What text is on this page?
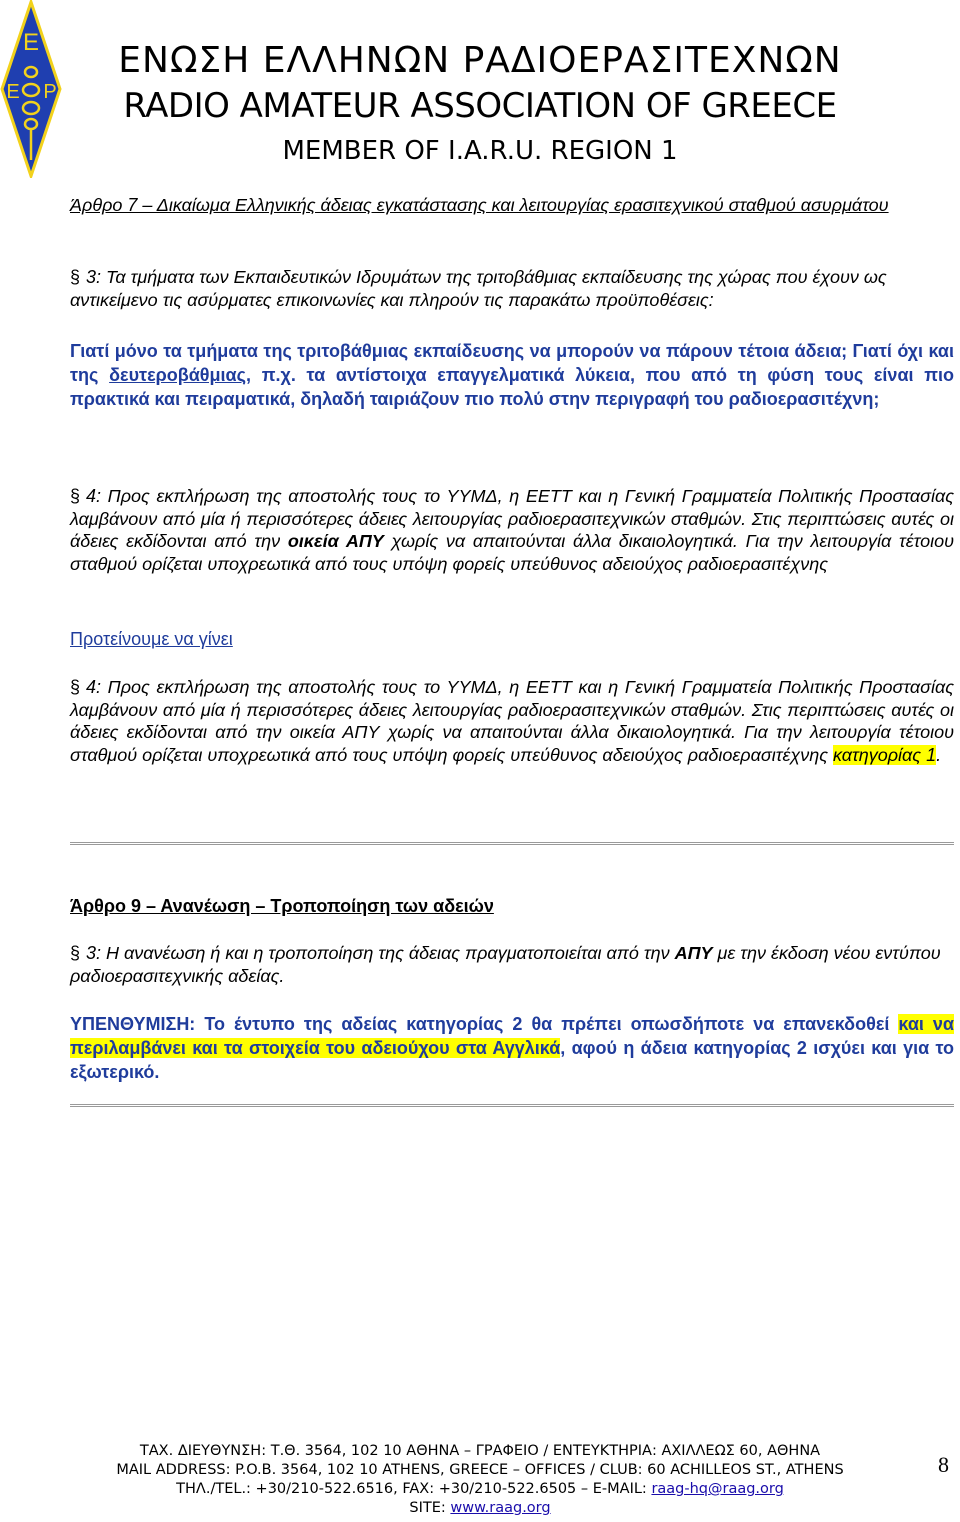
Ε
Ε Ρ
ΕΝΩΣΗ ΕΛΛΗΝΩΝ ΡΑΔΙΟΕΡΑΣΙΤΕΧΝΩΝ
RADIO AMATEUR ASSOCIATION OF GREECE
MEMBER OF I.A.R.U. REGION 1

Άρθρο 7 – Δικαίωμα Ελληνικής άδειας εγκατάστασης και λειτουργίας ερασιτεχνικού σταθμού ασυρμάτου

§ 3: Τα τμήματα των Εκπαιδευτικών Ιδρυμάτων της τριτοβάθμιας εκπαίδευσης της χώρας που έχουν ως αντικείμενο τις ασύρματες επικοινωνίες και πληρούν τις παρακάτω προϋποθέσεις:

Γιατί μόνο τα τμήματα της τριτοβάθμιας εκπαίδευσης να μπορούν να πάρουν τέτοια άδεια; Γιατί όχι και της δευτεροβάθμιας, π.χ. τα αντίστοιχα επαγγελματικά λύκεια, που από τη φύση τους είναι πιο πρακτικά και πειραματικά, δηλαδή ταιριάζουν πιο πολύ στην περιγραφή του ραδιοερασιτέχνη;

§ 4: Προς εκπλήρωση της αποστολής τους το ΥΥΜΔ, η ΕΕΤΤ και η Γενική Γραμματεία Πολιτικής Προστασίας λαμβάνουν από μία ή περισσότερες άδειες λειτουργίας ραδιοερασιτεχνικών σταθμών. Στις περιπτώσεις αυτές οι άδειες εκδίδονται από την οικεία ΑΠΥ χωρίς να απαιτούνται άλλα δικαιολογητικά. Για την λειτουργία τέτοιου σταθμού ορίζεται υποχρεωτικά από τους υπόψη φορείς υπεύθυνος αδειούχος ραδιοερασιτέχνης

Προτείνουμε να γίνει

§ 4: Προς εκπλήρωση της αποστολής τους το ΥΥΜΔ, η ΕΕΤΤ και η Γενική Γραμματεία Πολιτικής Προστασίας λαμβάνουν από μία ή περισσότερες άδειες λειτουργίας ραδιοερασιτεχνικών σταθμών. Στις περιπτώσεις αυτές οι άδειες εκδίδονται από την οικεία ΑΠΥ χωρίς να απαιτούνται άλλα δικαιολογητικά. Για την λειτουργία τέτοιου σταθμού ορίζεται υποχρεωτικά από τους υπόψη φορείς υπεύθυνος αδειούχος ραδιοερασιτέχνης κατηγορίας 1.

Άρθρο 9 – Ανανέωση – Τροποποίηση των αδειών

§ 3: Η ανανέωση ή και η τροποποίηση της άδειας πραγματοποιείται από την ΑΠΥ με την έκδοση νέου εντύπου ραδιοερασιτεχνικής αδείας.

ΥΠΕΝΘΥΜΙΣΗ: Το έντυπο της αδείας κατηγορίας 2 θα πρέπει οπωσδήποτε να επανεκδοθεί και να περιλαμβάνει και τα στοιχεία του αδειούχου στα Αγγλικά, αφού η άδεια κατηγορίας 2 ισχύει και για το εξωτερικό.

ΤΑΧ. ΔΙΕΥΘΥΝΣΗ: Τ.Θ. 3564, 102 10 ΑΘΗΝΑ – ΓΡΑΦΕΙΟ / ΕΝΤΕΥΚΤΗΡΙΑ: ΑΧΙΛΛΕΩΣ 60, ΑΘΗΝΑ
MAIL ADDRESS: P.O.B. 3564, 102 10 ATHENS, GREECE – OFFICES / CLUB: 60 ACHILLEOS ST., ATHENS
ΤΗΛ./TEL.: +30/210-522.6516, FAX: +30/210-522.6505 – E-MAIL: raag-hq@raag.org
SITE: www.raag.org
8
